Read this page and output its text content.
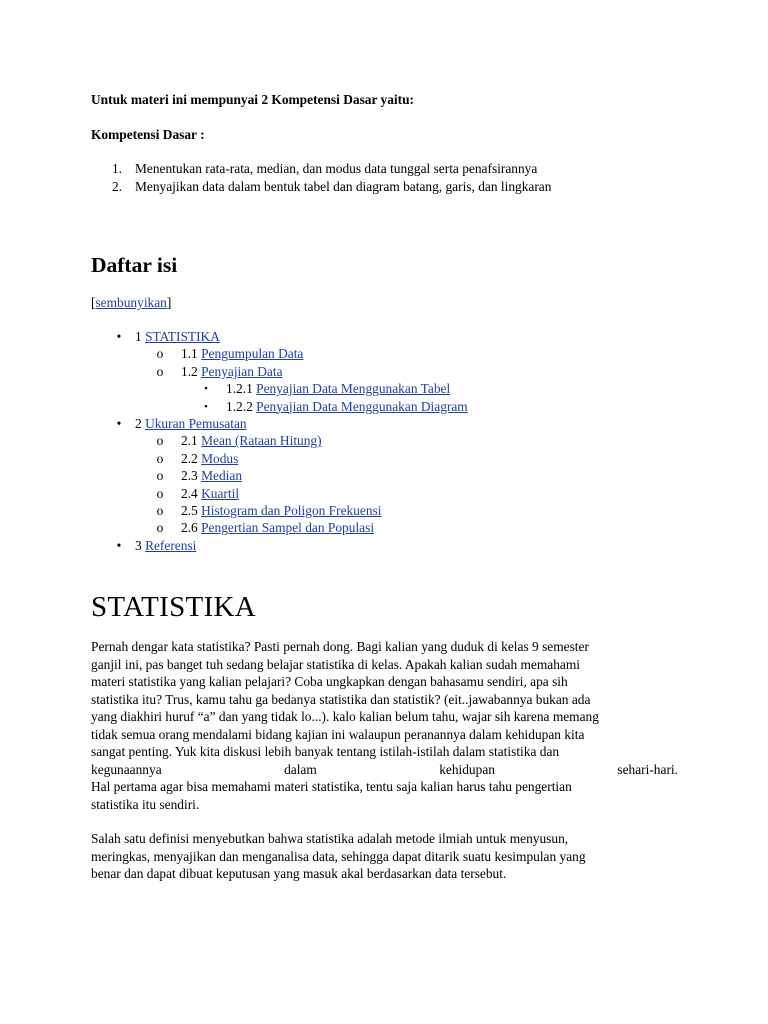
Untuk materi ini mempunyai 2 Kompetensi Dasar yaitu:

Kompetensi Dasar :

1. Menentukan rata-rata, median, dan modus data tunggal serta penafsirannya
2. Menyajikan data dalam bentuk tabel dan diagram batang, garis, dan lingkaran
Daftar isi
[sembunyikan]
•	1 STATISTIKA
o 1.1 Pengumpulan Data
o 1.2 Penyajian Data
▪	1.2.1 Penyajian Data Menggunakan Tabel
▪	1.2.2 Penyajian Data Menggunakan Diagram
•	2 Ukuran Pemusatan
o 2.1 Mean (Rataan Hitung)
o 2.2 Modus
o 2.3 Median
o 2.4 Kuartil
o 2.5 Histogram dan Poligon Frekuensi
o 2.6 Pengertian Sampel dan Populasi
•	3 Referensi
STATISTIKA

Pernah dengar kata statistika? Pasti pernah dong. Bagi kalian yang duduk di kelas 9 semester
ganjil ini, pas banget tuh sedang belajar statistika di kelas. Apakah kalian sudah memahami
materi statistika yang kalian pelajari? Coba ungkapkan dengan bahasamu sendiri, apa sih
statistika itu? Trus, kamu tahu ga bedanya statistika dan statistik? (eit..jawabannya bukan ada
yang diakhiri huruf “a” dan yang tidak lo...). kalo kalian belum tahu, wajar sih karena memang
tidak semua orang mendalami bidang kajian ini walaupun peranannya dalam kehidupan kita
sangat penting. Yuk kita diskusi lebih banyak tentang istilah-istilah dalam statistika dan
kegunaannya	dalam	kehidupan	sehari-hari.
Hal pertama agar bisa memahami materi statistika, tentu saja kalian harus tahu pengertian
statistika itu sendiri.

Salah satu definisi menyebutkan bahwa statistika adalah metode ilmiah untuk menyusun,
meringkas, menyajikan dan menganalisa data, sehingga dapat ditarik suatu kesimpulan yang
benar dan dapat dibuat keputusan yang masuk akal berdasarkan data tersebut.
